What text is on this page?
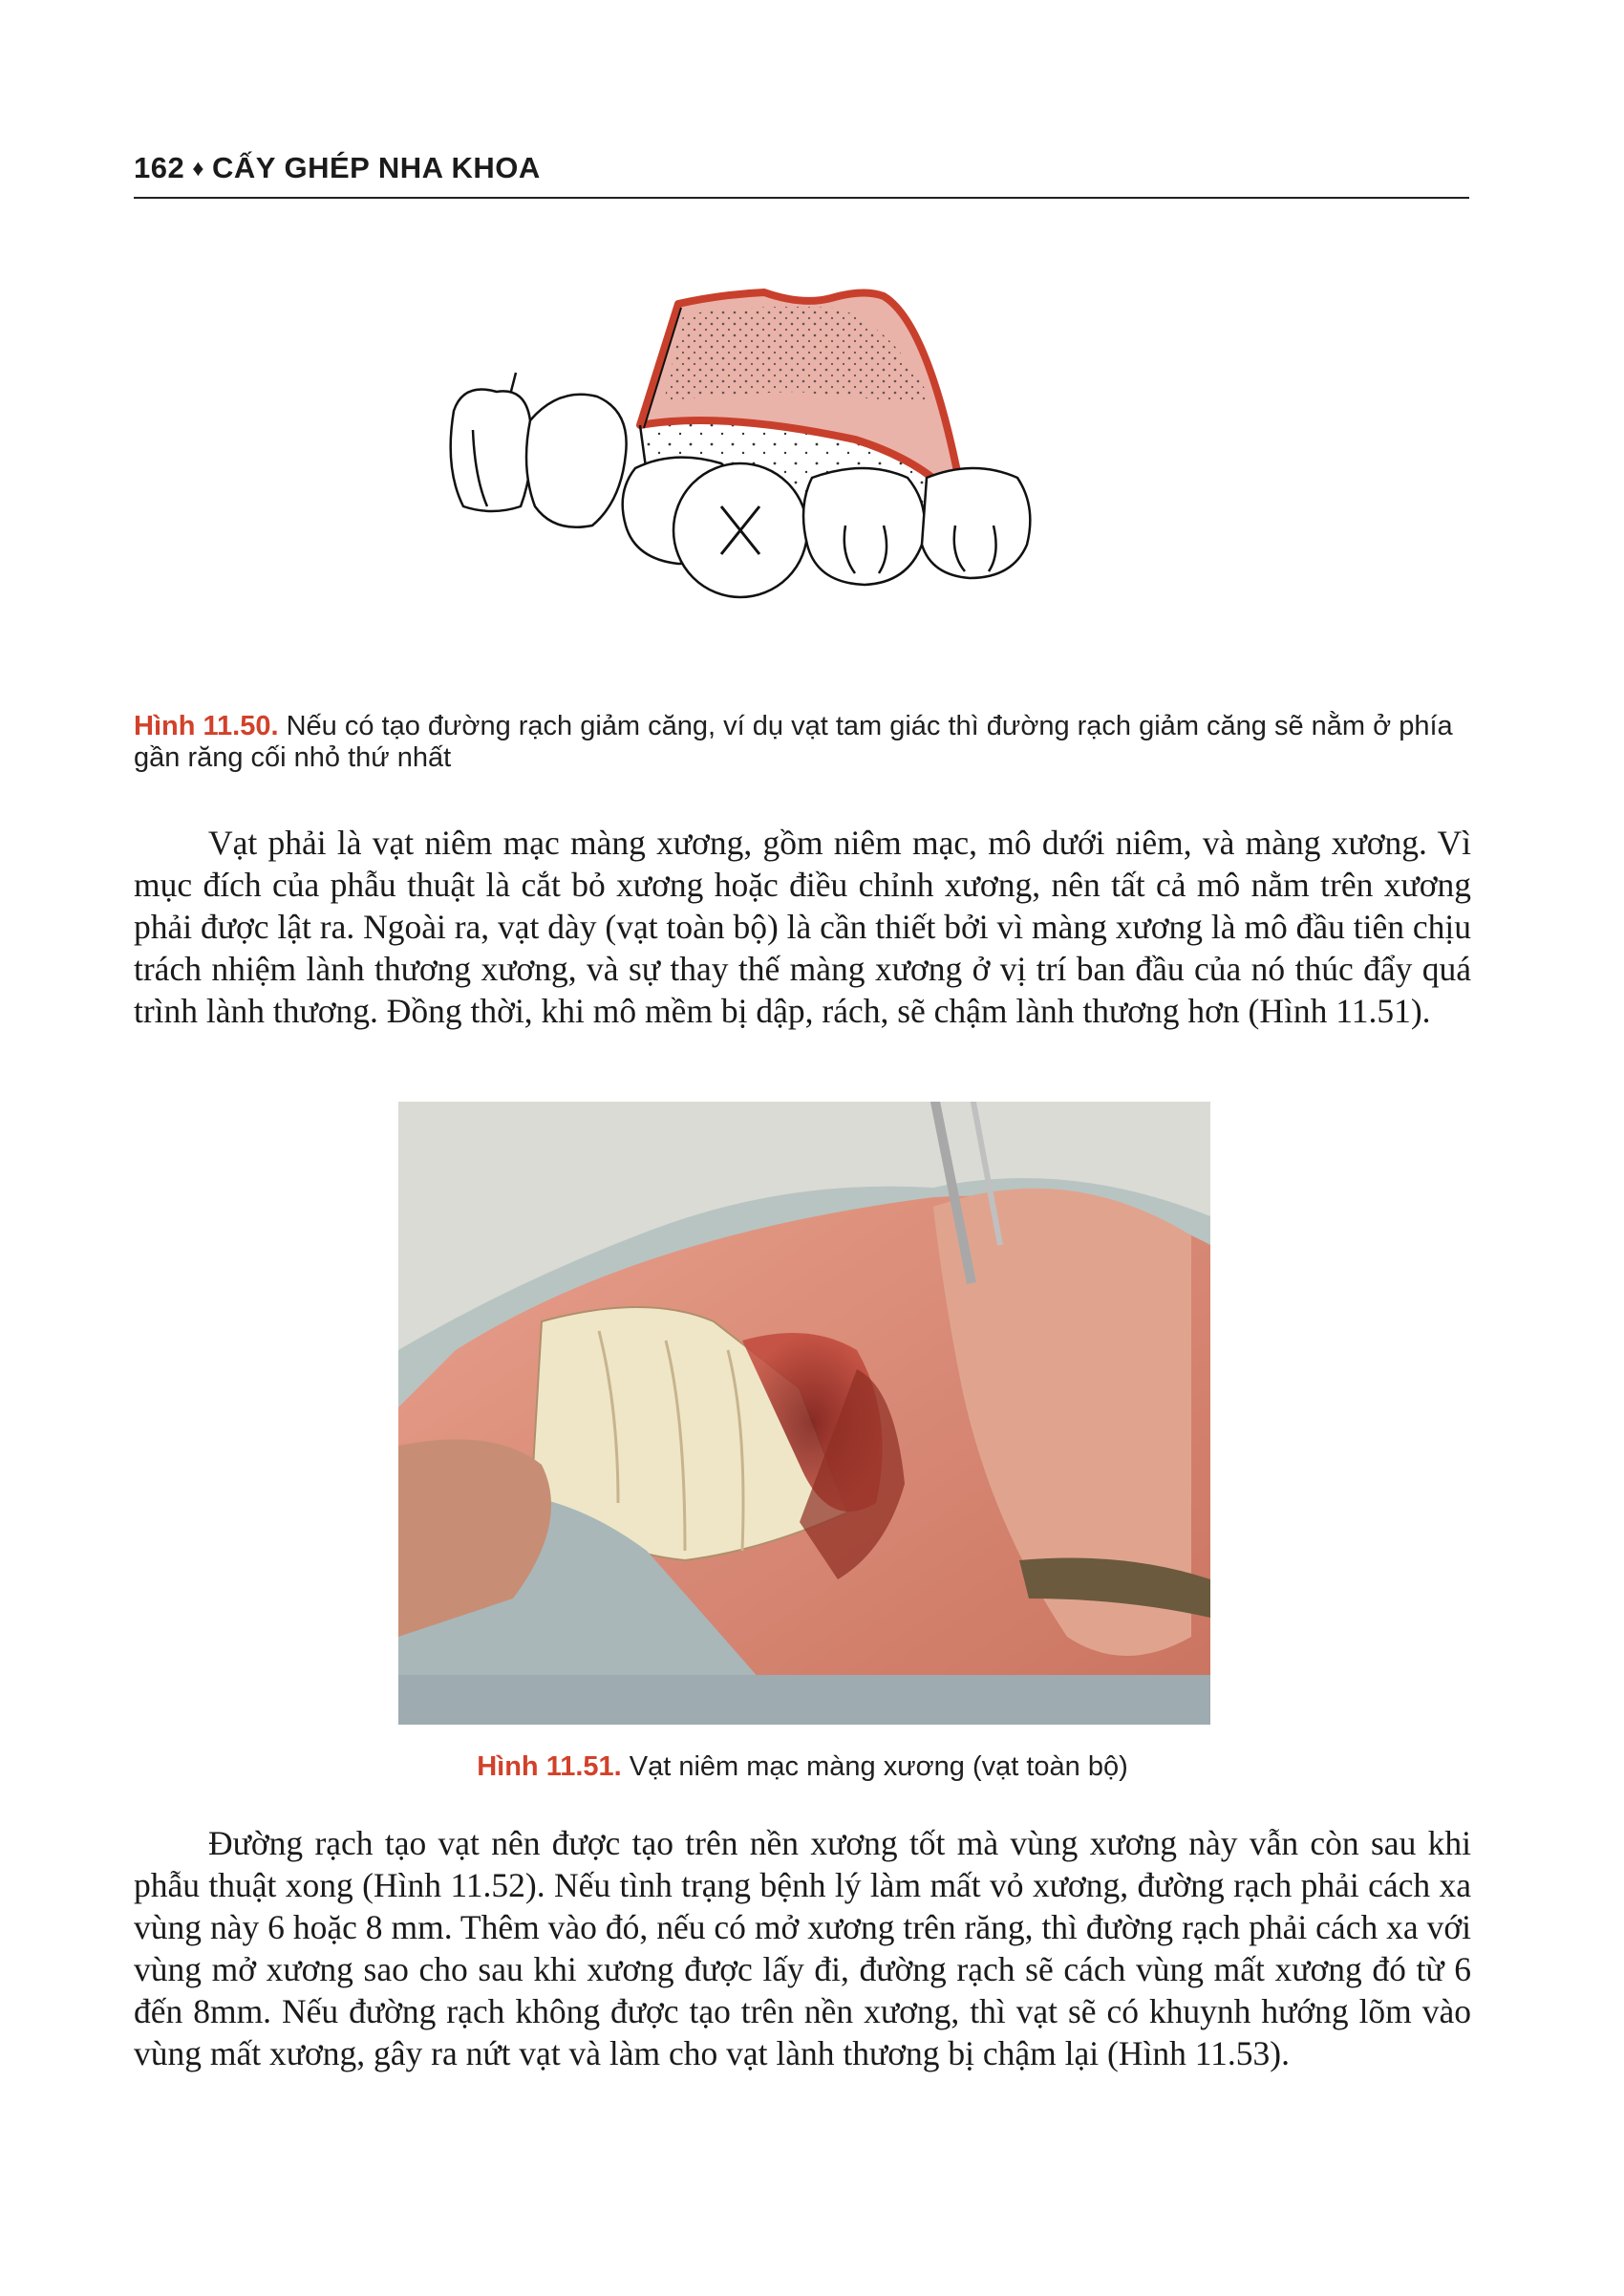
162 ♦ CẤY GHÉP NHA KHOA
Hình 11.50. Nếu có tạo đường rạch giảm căng, ví dụ vạt tam giác thì đường rạch giảm căng sẽ nằm ở phía gần răng cối nhỏ thứ nhất

Vạt phải là vạt niêm mạc màng xương, gồm niêm mạc, mô dưới niêm, và màng xương. Vì mục đích của phẫu thuật là cắt bỏ xương hoặc điều chỉnh xương, nên tất cả mô nằm trên xương phải được lật ra. Ngoài ra, vạt dày (vạt toàn bộ) là cần thiết bởi vì màng xương là mô đầu tiên chịu trách nhiệm lành thương xương, và sự thay thế màng xương ở vị trí ban đầu của nó thúc đẩy quá trình lành thương. Đồng thời, khi mô mềm bị dập, rách, sẽ chậm lành thương hơn (Hình 11.51).

Hình 11.51. Vạt niêm mạc màng xương (vạt toàn bộ)

Đường rạch tạo vạt nên được tạo trên nền xương tốt mà vùng xương này vẫn còn sau khi phẫu thuật xong (Hình 11.52). Nếu tình trạng bệnh lý làm mất vỏ xương, đường rạch phải cách xa vùng này 6 hoặc 8 mm. Thêm vào đó, nếu có mở xương trên răng, thì đường rạch phải cách xa với vùng mở xương sao cho sau khi xương được lấy đi, đường rạch sẽ cách vùng mất xương đó từ 6 đến 8mm. Nếu đường rạch không được tạo trên nền xương, thì vạt sẽ có khuynh hướng lõm vào vùng mất xương, gây ra nứt vạt và làm cho vạt lành thương bị chậm lại (Hình 11.53).
